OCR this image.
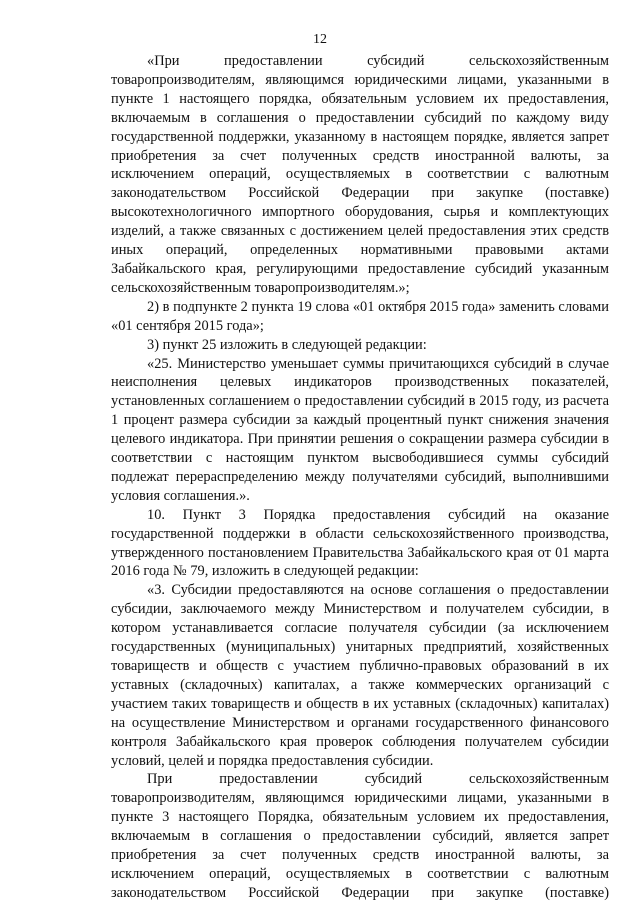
12

«При предоставлении субсидий сельскохозяйственным товаропроизводителям, являющимся юридическими лицами, указанными в пункте 1 настоящего порядка, обязательным условием их предоставления, включаемым в соглашения о предоставлении субсидий по каждому виду государственной поддержки, указанному в настоящем порядке, является запрет приобретения за счет полученных средств иностранной валюты, за исключением операций, осуществляемых в соответствии с валютным законодательством Российской Федерации при закупке (поставке) высокотехнологичного импортного оборудования, сырья и комплектующих изделий, а также связанных с достижением целей предоставления этих средств иных операций, определенных нормативными правовыми актами Забайкальского края, регулирующими предоставление субсидий указанным сельскохозяйственным товаропроизводителям.»;

2) в подпункте 2 пункта 19 слова «01 октября 2015 года» заменить словами «01 сентября 2015 года»;

3) пункт 25 изложить в следующей редакции:

«25. Министерство уменьшает суммы причитающихся субсидий в случае неисполнения целевых индикаторов производственных показателей, установленных соглашением о предоставлении субсидий в 2015 году, из расчета 1 процент размера субсидии за каждый процентный пункт снижения значения целевого индикатора. При принятии решения о сокращении размера субсидии в соответствии с настоящим пунктом высвободившиеся суммы субсидий подлежат перераспределению между получателями субсидий, выполнившими условия соглашения.».

10. Пункт 3 Порядка предоставления субсидий на оказание государственной поддержки в области сельскохозяйственного производства, утвержденного постановлением Правительства Забайкальского края от 01 марта 2016 года № 79, изложить в следующей редакции:

«3. Субсидии предоставляются на основе соглашения о предоставлении субсидии, заключаемого между Министерством и получателем субсидии, в котором устанавливается согласие получателя субсидии (за исключением государственных (муниципальных) унитарных предприятий, хозяйственных товариществ и обществ с участием публично-правовых образований в их уставных (складочных) капиталах, а также коммерческих организаций с участием таких товариществ и обществ в их уставных (складочных) капиталах) на осуществление Министерством и органами государственного финансового контроля Забайкальского края проверок соблюдения получателем субсидии условий, целей и порядка предоставления субсидии.

При предоставлении субсидий сельскохозяйственным товаропроизводителям, являющимся юридическими лицами, указанными в пункте 3 настоящего Порядка, обязательным условием их предоставления, включаемым в соглашения о предоставлении субсидий, является запрет приобретения за счет полученных средств иностранной валюты, за исключением операций, осуществляемых в соответствии с валютным законодательством Российской Федерации при закупке (поставке)
